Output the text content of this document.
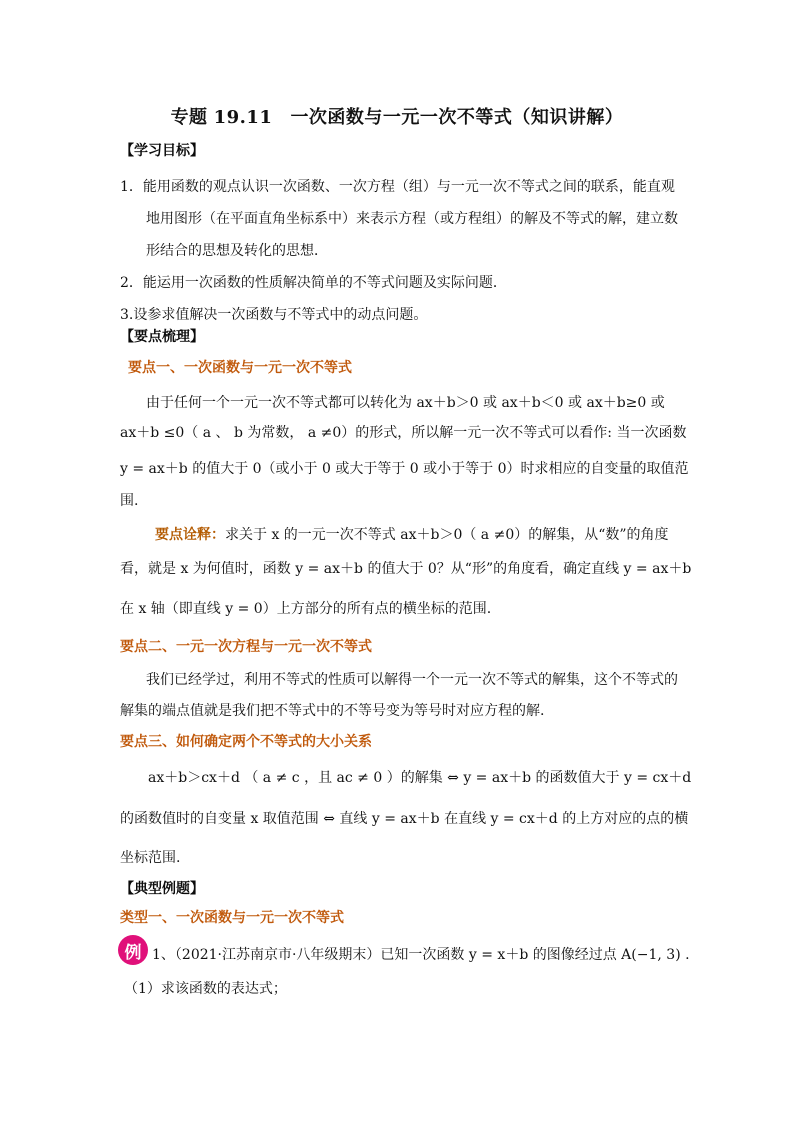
专题 19.11 一次函数与一元一次不等式（知识讲解）
【学习目标】
1．能用函数的观点认识一次函数、一次方程（组）与一元一次不等式之间的联系，能直观
地用图形（在平面直角坐标系中）来表示方程（或方程组）的解及不等式的解，建立数
形结合的思想及转化的思想．
2．能运用一次函数的性质解决简单的不等式问题及实际问题．
3.设参求值解决一次函数与不等式中的动点问题。
【要点梳理】
要点一、一次函数与一元一次不等式
由于任何一个一元一次不等式都可以转化为 ax＋b＞0 或 ax＋b＜0 或 ax＋b≥0 或
ax＋b ≤0（ a 、 b 为常数， a ≠0）的形式，所以解一元一次不等式可以看作: 当一次函数
y = ax＋b 的值大于 0（或小于 0 或大于等于 0 或小于等于 0）时求相应的自变量的取值范
围.
要点诠释：求关于 x 的一元一次不等式 ax＋b＞0（ a ≠0）的解集，从“数”的角度
看，就是 x 为何值时，函数 y = ax＋b 的值大于 0？从“形”的角度看，确定直线 y = ax＋b
在 x 轴（即直线 y = 0）上方部分的所有点的横坐标的范围.
要点二、一元一次方程与一元一次不等式
我们已经学过，利用不等式的性质可以解得一个一元一次不等式的解集，这个不等式的
解集的端点值就是我们把不等式中的不等号变为等号时对应方程的解.
要点三、如何确定两个不等式的大小关系
ax＋b＞cx＋d （ a ≠ c ，且 ac ≠ 0 ）的解集 ⇔ y = ax＋b 的函数值大于 y = cx＋d
的函数值时的自变量 x 取值范围 ⇔ 直线 y = ax＋b 在直线 y = cx＋d 的上方对应的点的横
坐标范围.
【典型例题】
类型一、一次函数与一元一次不等式
例 1、（2021·江苏南京市·八年级期末）已知一次函数 y = x＋b 的图像经过点 A(−1, 3) .
（1）求该函数的表达式；
